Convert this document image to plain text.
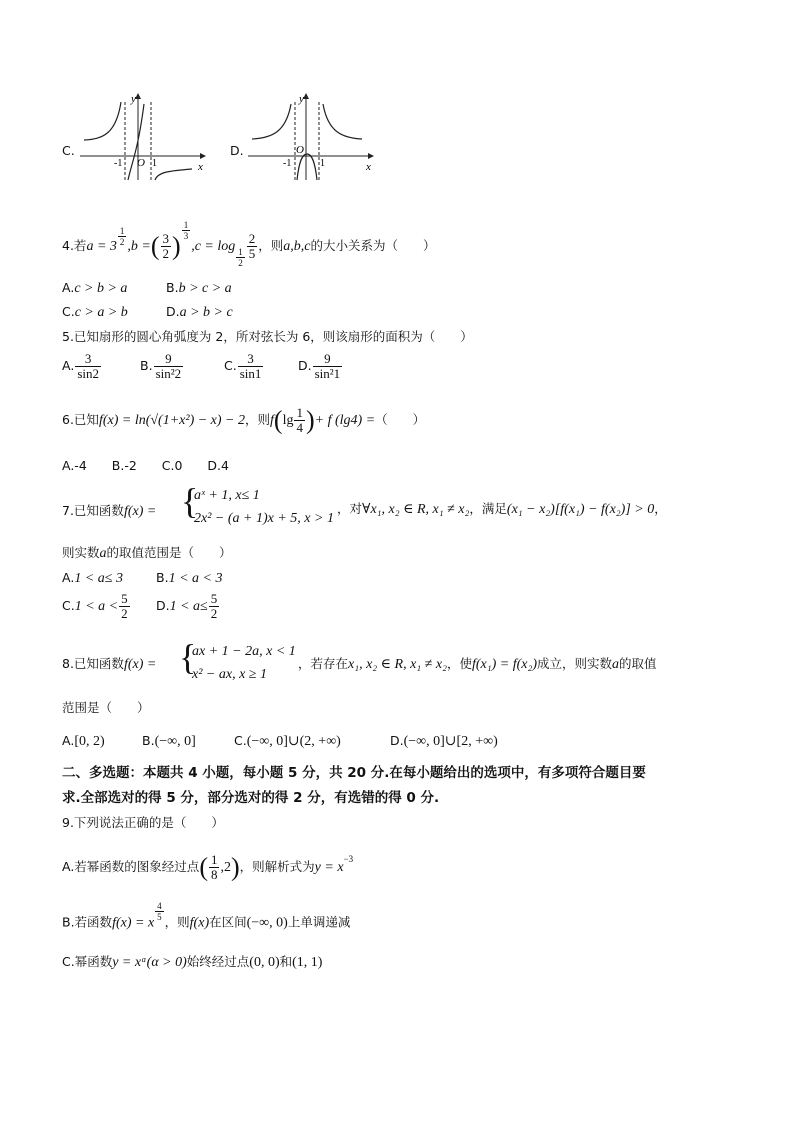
C.
y
x
-1 O 1
D.
y
x
-1
O
1
4.若a = 3 $^{\frac{1}{2}}$ ,b =( $\frac{3}{2}$ )
$^{\frac{1}{3}}$
,c = log
$_{\frac{1}{2}} \frac{2}{5}$ ，则a,b,c的大小关系为（　　）
A.c > b > a	B.b > c > a
C.c > a > b	D.a > b > c
5.已知扇形的圆心角弧度为 2，所对弦长为 6，则该扇形的面积为（　　）
A. $\frac{3}{\sin 2}$	B. $\frac{9}{\text{sin²2}}$	C. $\frac{3}{\sin 1}$	D. $\frac{9}{\text{sin²1}}$
6.已知f(x) = ln(√(1+x²) − x) − 2，则$f(\lg \frac{1}{4}$ )+ f (lg4) =（　　）
A.-4　　B.-2　　C.0　　D.4
7.已知函数f(x) = {
aˣ + 1, x≤ 1
2x² − (a + 1)x + 5, x > 1
，对∀x₁, x₂ ∈ R, x₁ ≠ x₂，满足(x₁ − x₂)[f(x₁) − f(x₂)] > 0，
则实数a的取值范围是（　　）
A.1 < a≤ 3	B.1 < a < 3
$C.1 < a < \frac{5}{2} D.1 < a\le \frac{5}{2}$
8.已知函数f(x) = {
ax + 1 − 2a, x < 1
x² − ax, x ≥ 1
，若存在x₁, x₂ ∈ R, x₁ ≠ x₂，使f(x₁) = f(x₂)成立，则实数a的取值
范围是（　　）
A.[0, 2)	B.(−∞, 0]	C.(−∞, 0]∪(2, +∞)	D.(−∞, 0]∪[2, +∞)
二、多选题：本题共 4 小题，每小题 5 分，共 20 分.在每小题给出的选项中，有多项符合题目要
求.全部选对的得 5 分，部分选对的得 2 分，有选错的得 0 分.
9.下列说法正确的是（　　）
A.若幂函数的图象经过点( $\frac{1}{8} ,2$)，则解析式为$y = x^{-3}$
B.若函数f(x) = x
$^{\frac{4}{5}}$
，则f(x)在区间(−∞, 0)上单调递减
C.幂函数y = xᵅ(α > 0)始终经过点(0, 0)和(1, 1)
